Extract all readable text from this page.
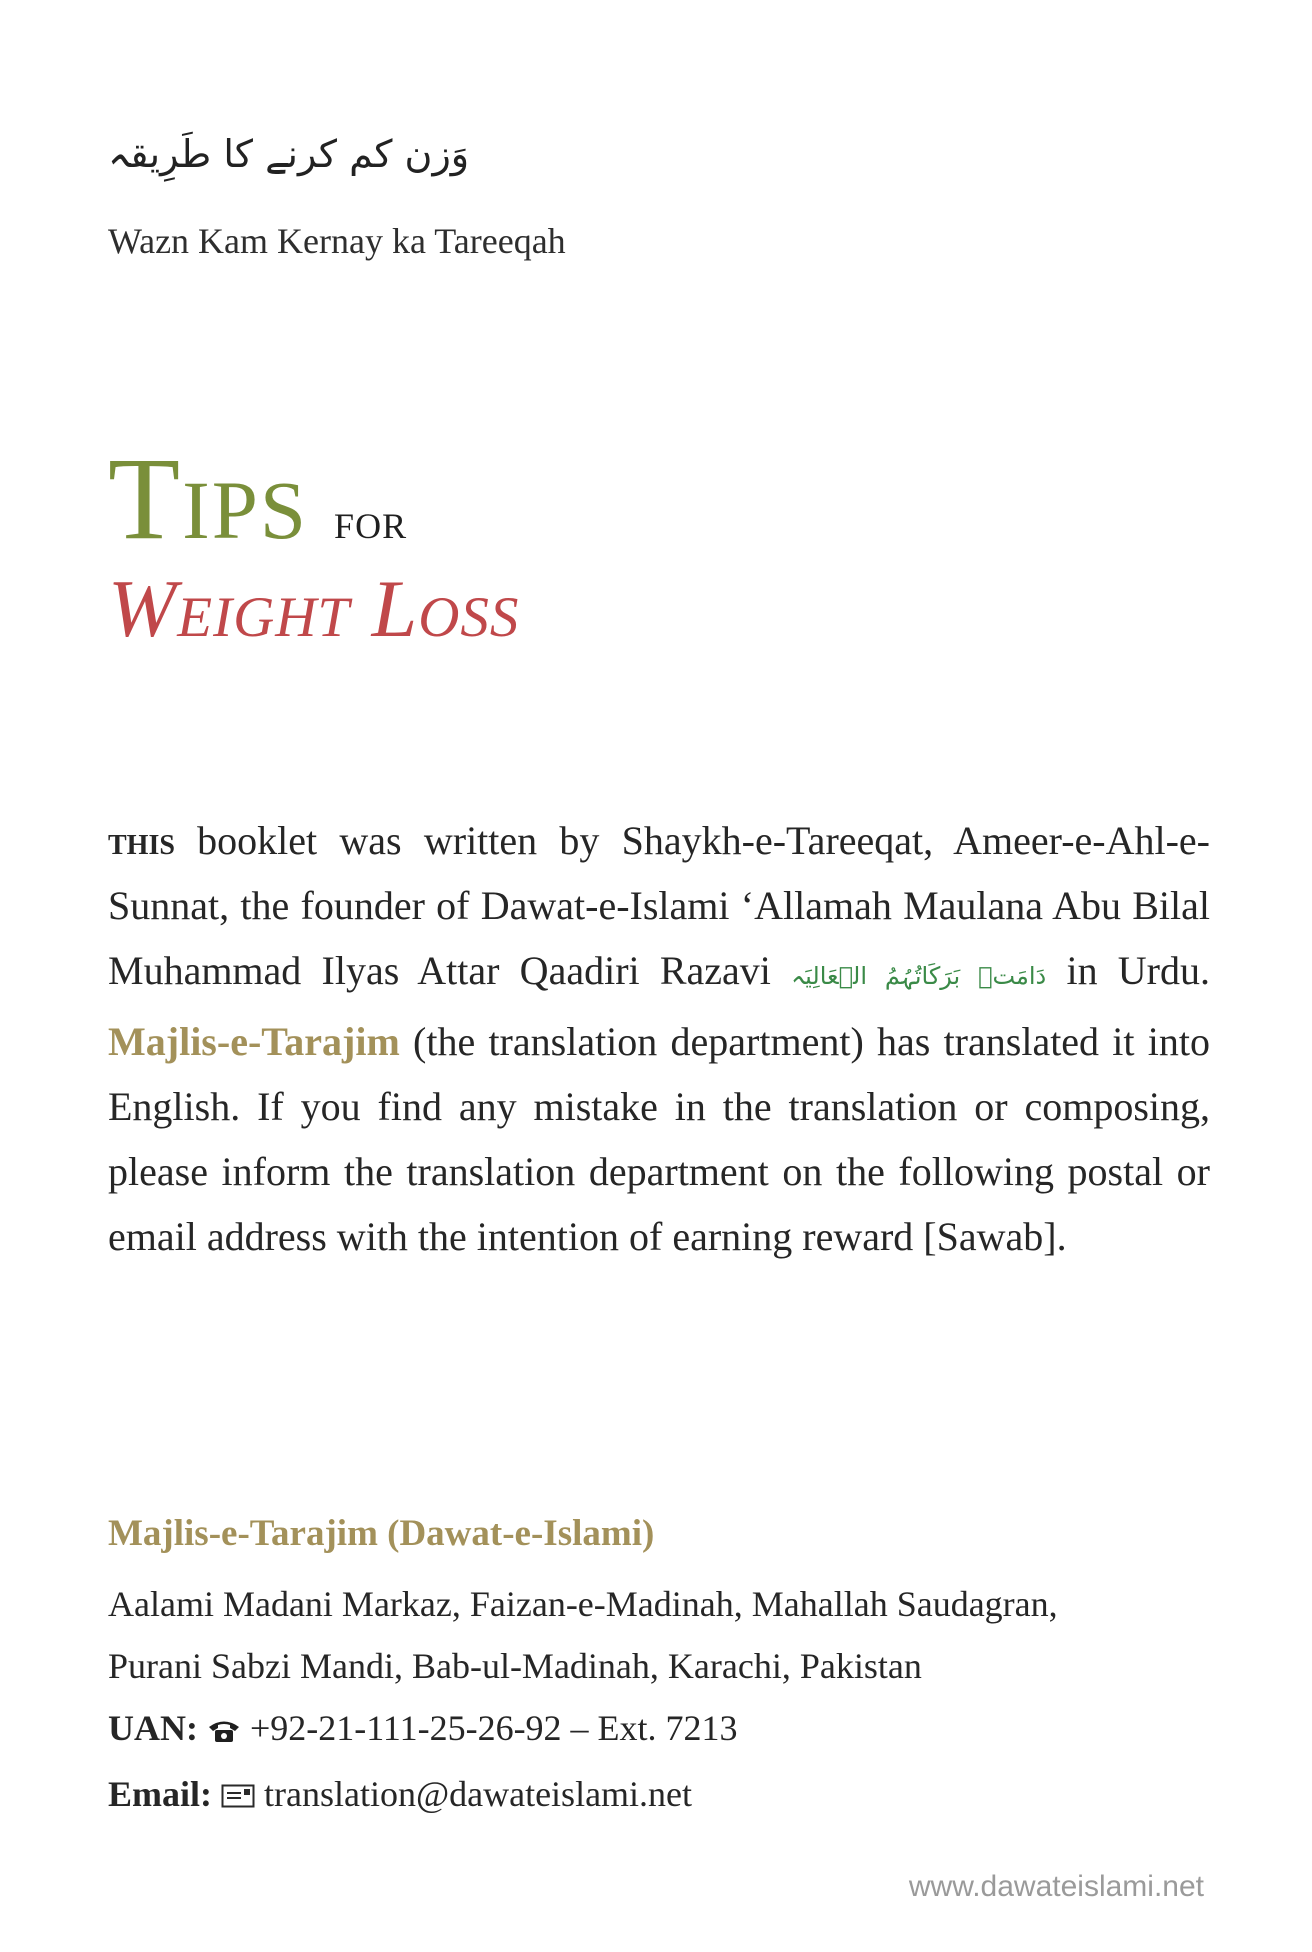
وَزن کم کرنے کا طَرِیقہ
Wazn Kam Kernay ka Tareeqah
Tips for
Weight Loss
this booklet was written by Shaykh-e-Tareeqat, Ameer-e-Ahl-e-Sunnat, the founder of Dawat-e-Islami ‘Allamah Maulana Abu Bilal Muhammad Ilyas Attar Qaadiri Razavi دَامَتۡ بَرَکَاتُہُمُ الۡعَالِیَہ in Urdu. Majlis-e-Tarajim (the translation department) has translated it into English. If you find any mistake in the translation or composing, please inform the translation department on the following postal or email address with the intention of earning reward [Sawab].
Majlis-e-Tarajim (Dawat-e-Islami)
Aalami Madani Markaz, Faizan-e-Madinah, Mahallah Saudagran,
Purani Sabzi Mandi, Bab-ul-Madinah, Karachi, Pakistan
UAN: +92-21-111-25-26-92 – Ext. 7213
Email: translation@dawateislami.net
www.dawateislami.net
